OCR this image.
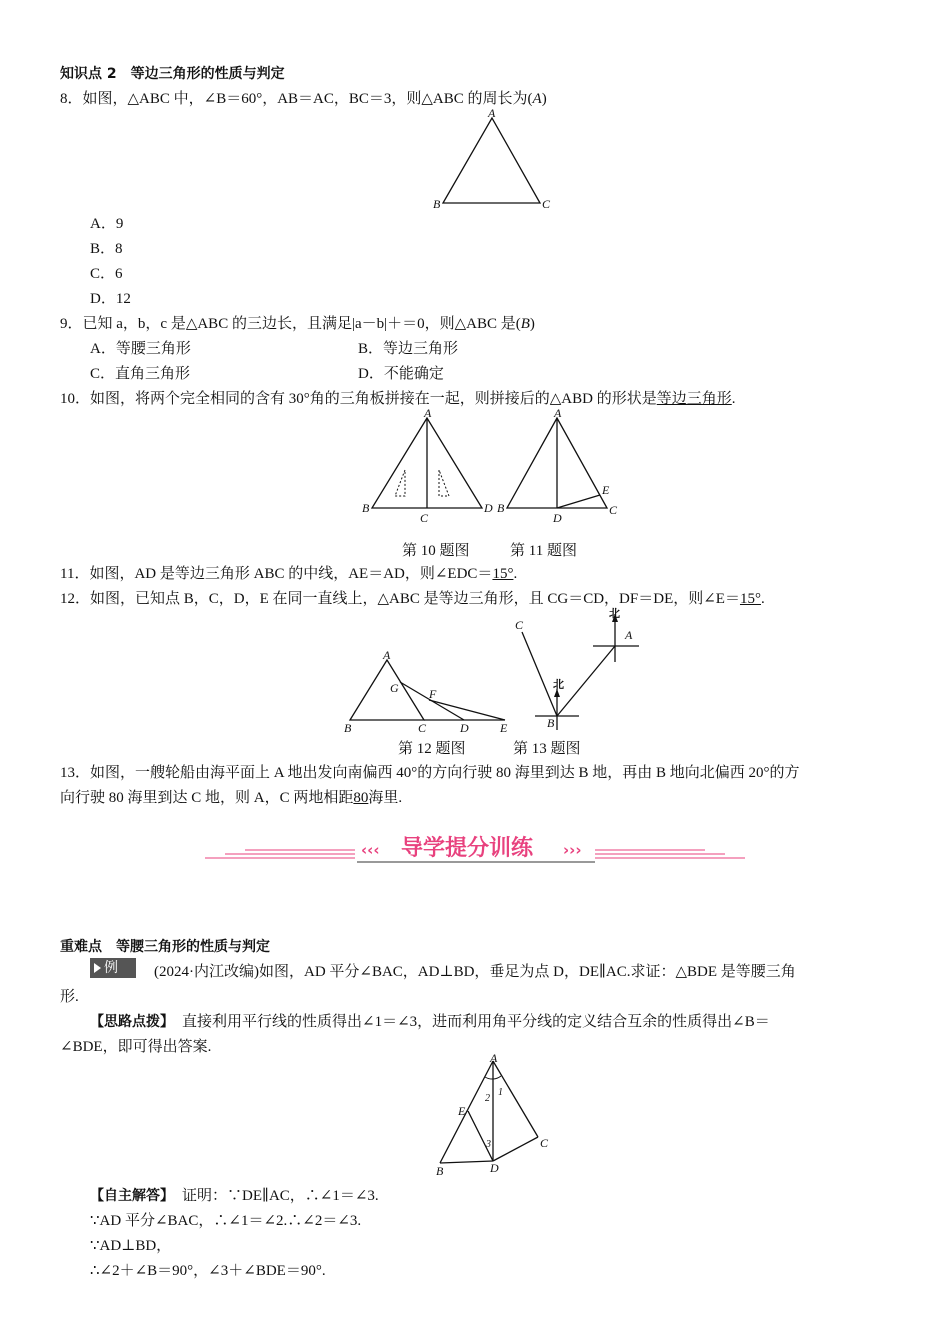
知识点 2　等边三角形的性质与判定
8．如图，△ABC 中，∠B＝60°，AB＝AC，BC＝3，则△ABC 的周长为(A)
A
B	C
A．9
B．8
C．6
D．12
9．已知 a，b，c 是△ABC 的三边长，且满足|a－b|＋＝0，则△ABC 是(B)
A．等腰三角形	B．等边三角形
C．直角三角形	D．不能确定
10．如图，将两个完全相同的含有 30°角的三角板拼接在一起，则拼接后的△ABD 的形状是等边三角形.
A
B
C
D
A
B	C
D
E
第 10 题图	第 11 题图
11．如图，AD 是等边三角形 ABC 的中线，AE＝AD，则∠EDC＝15°.
12．如图，已知点 B，C，D，E 在同一直线上，△ABC 是等边三角形，且 CG＝CD，DF＝DE，则∠E＝15°.
A
B	C	D	E
F
G
北
北
A
B
C
第 12 题图	第 13 题图
13．如图，一艘轮船由海平面上 A 地出发向南偏西 40°的方向行驶 80 海里到达 B 地，再由 B 地向北偏西 20°的方
向行驶 80 海里到达 C 地，则 A，C 两地相距80海里.
‹‹‹ 导学提分训练 ›››
重难点　等腰三角形的性质与判定
例	(2024·内江改编)如图，AD 平分∠BAC，AD⊥BD，垂足为点 D，DE∥AC.求证：△BDE 是等腰三角
形.
【思路点拨】　 直接利用平行线的性质得出∠1＝∠3，进而利用角平分线的定义结合互余的性质得出∠B＝
∠BDE，即可得出答案.
A
B
C
D
E
1
2
3
【自主解答】　 证明：∵DE∥AC，∴∠1＝∠3.
∵AD 平分∠BAC，∴∠1＝∠2.∴∠2＝∠3.
∵AD⊥BD，
∴∠2＋∠B＝90°，∠3＋∠BDE＝90°.
